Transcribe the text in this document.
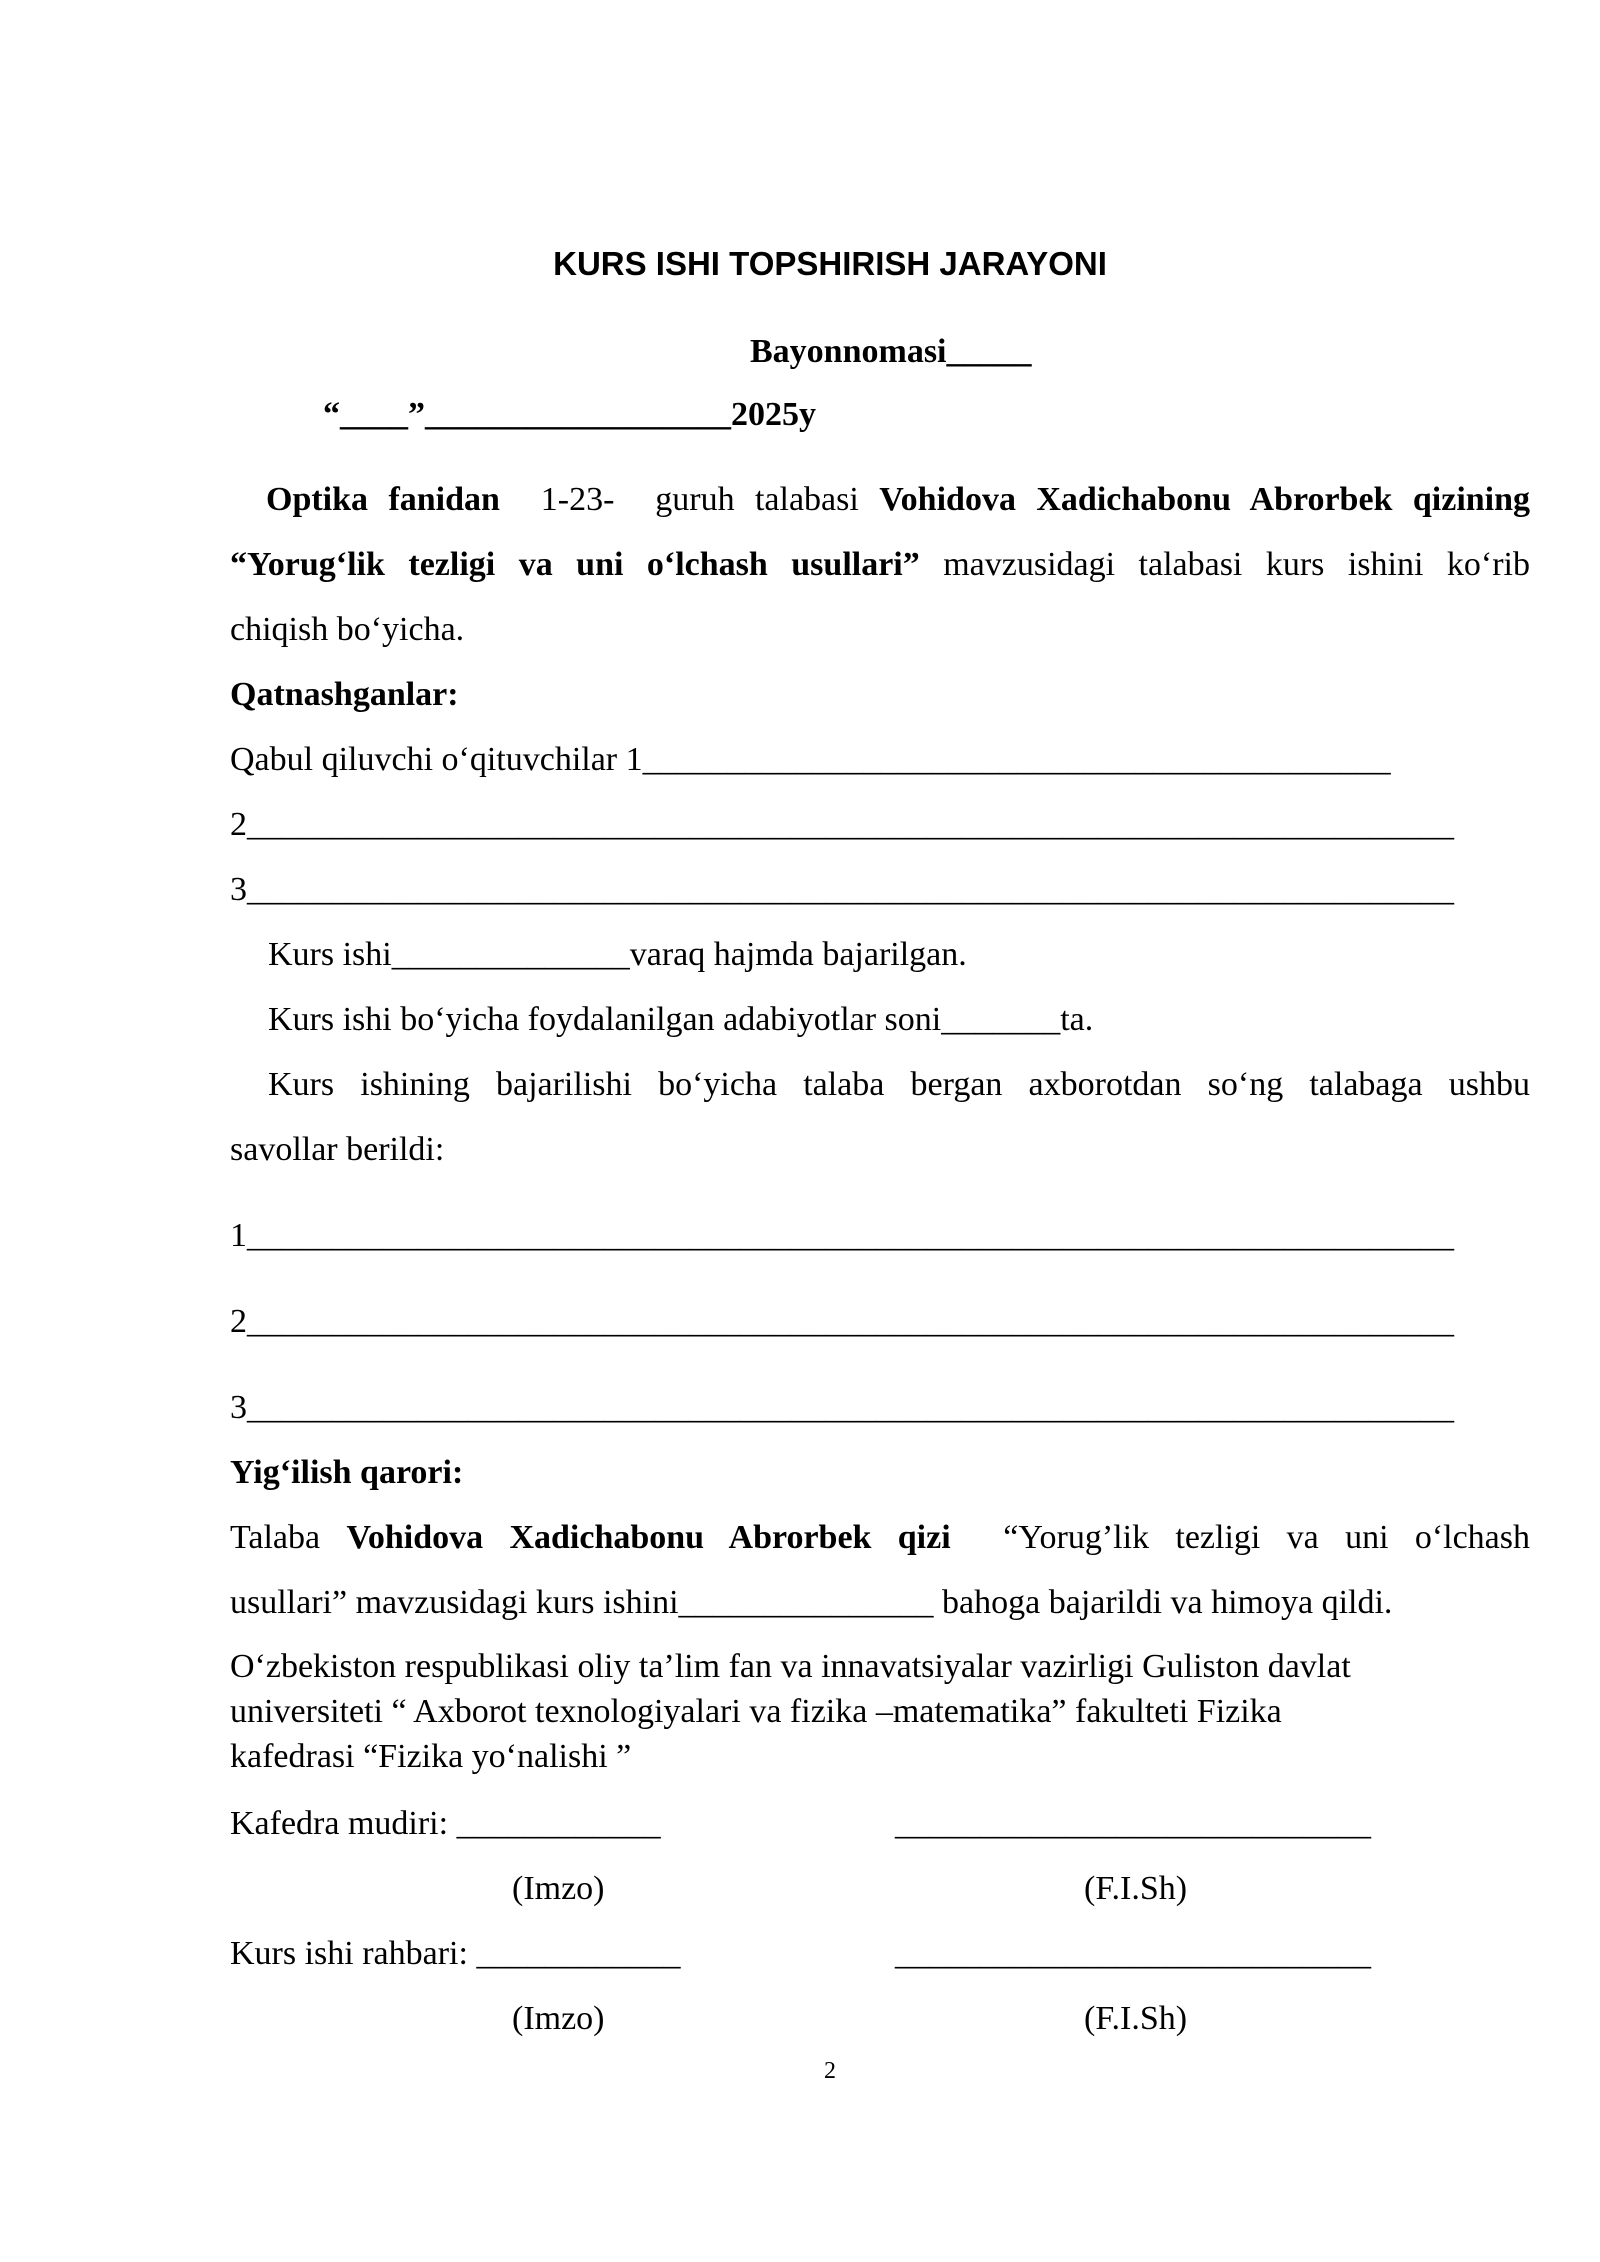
KURS ISHI TOPSHIRISH JARAYONI
Bayonnomasi_____
“____”__________________2025y
Optika fanidan 1-23- guruh talabasi Vohidova Xadichabonu Abrorbek qizining
“Yorug‘lik tezligi va uni o‘lchash usullari” mavzusidagi talabasi kurs ishini ko‘rib
chiqish bo‘yicha.
Qatnashganlar:
Qabul qiluvchi o‘qituvchilar 1____________________________________________
2_______________________________________________________________________
3_______________________________________________________________________
Kurs ishi______________varaq hajmda bajarilgan.
Kurs ishi bo‘yicha foydalanilgan adabiyotlar soni_______ta.
Kurs ishining bajarilishi bo‘yicha talaba bergan axborotdan so‘ng talabaga ushbu
savollar berildi:
1_______________________________________________________________________
2_______________________________________________________________________
3_______________________________________________________________________
Yig‘ilish qarori:
Talaba Vohidova Xadichabonu Abrorbek qizi “Yorug’lik tezligi va uni o‘lchash
usullari” mavzusidagi kurs ishini_______________ bahoga bajarildi va himoya qildi.
O‘zbekiston respublikasi oliy ta’lim fan va innavatsiyalar vazirligi Guliston davlat
universiteti “ Axborot texnologiyalari va fizika –matematika” fakulteti Fizika
kafedrasi “Fizika yo‘nalishi ”
Kafedra mudiri: ____________	____________________________
(Imzo)	(F.I.Sh)
Kurs ishi rahbari: ____________	____________________________
(Imzo)	(F.I.Sh)
2
